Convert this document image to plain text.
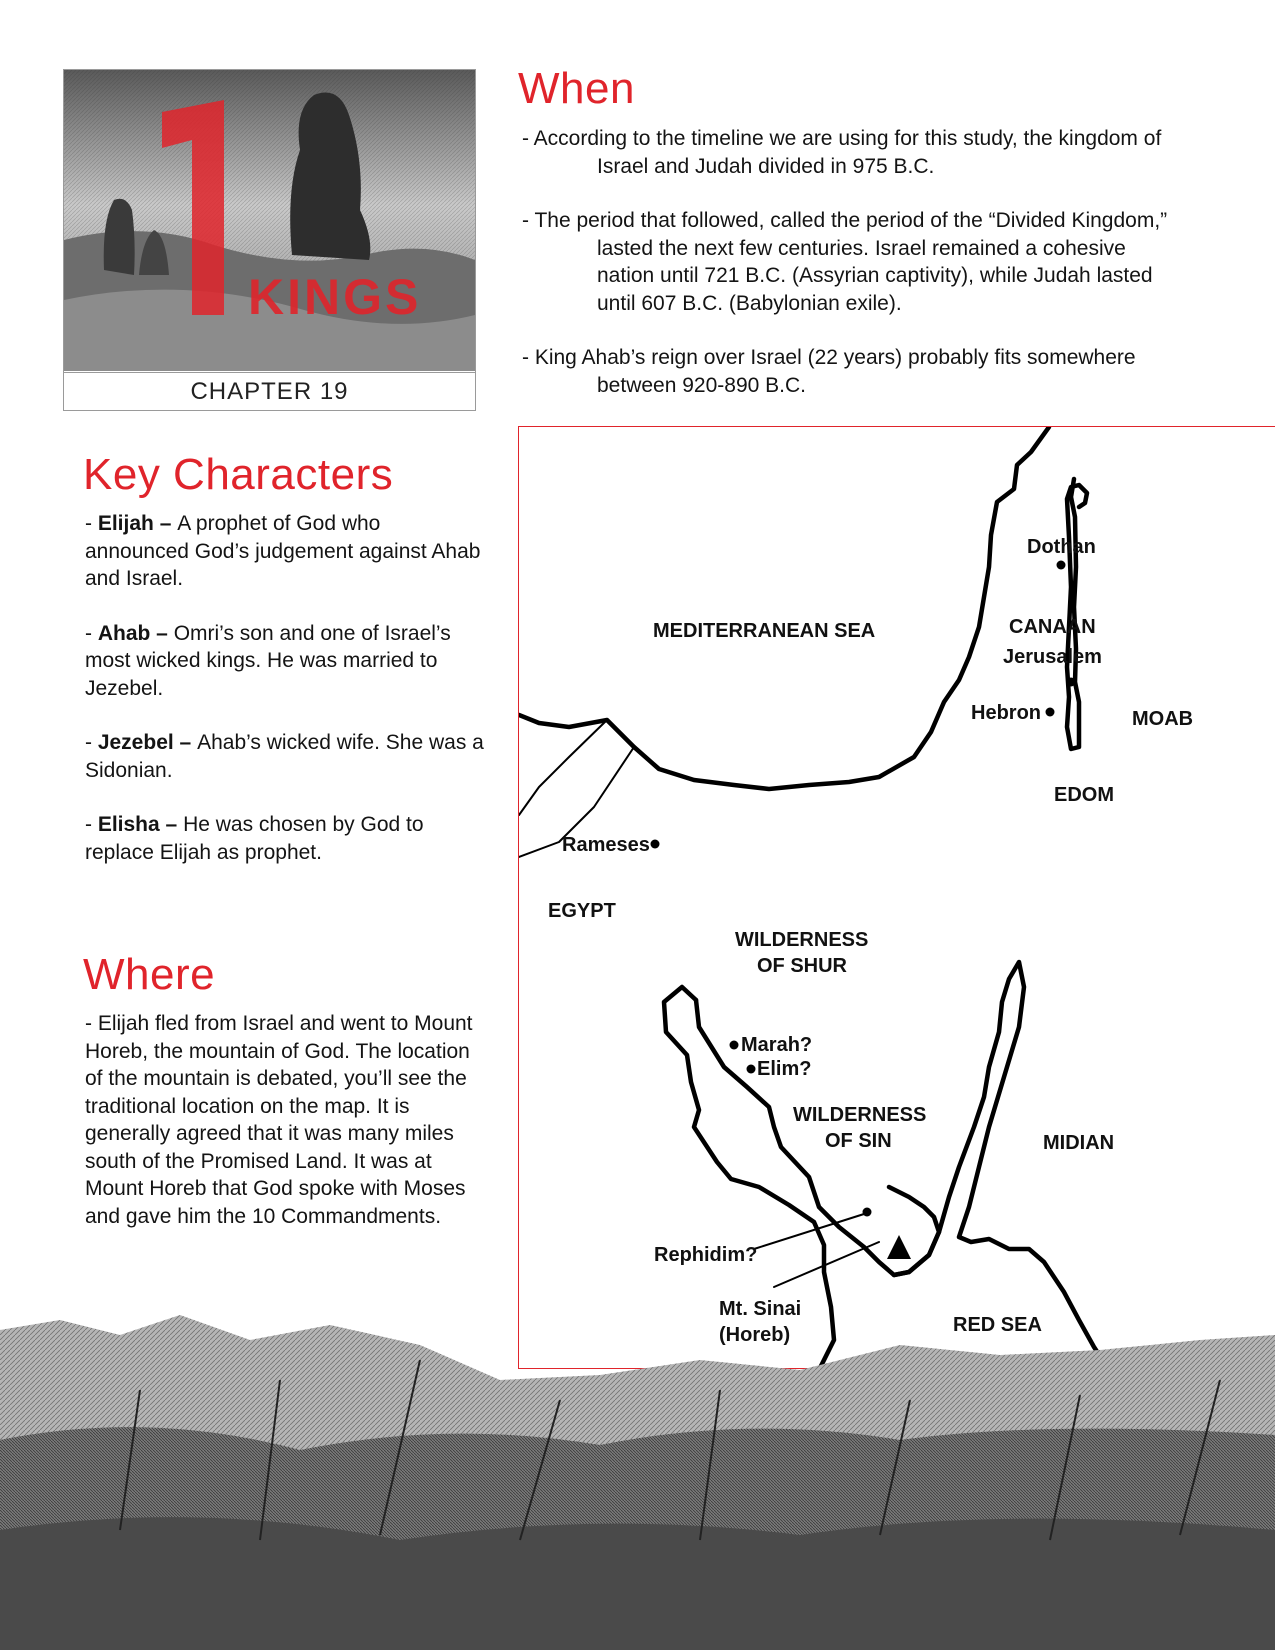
KINGS
CHAPTER 19
When
- According to the timeline we are using for this study, the kingdom of Israel and Judah divided in 975 B.C.
- The period that followed, called the period of the “Divided Kingdom,” lasted the next few centuries. Israel remained a cohesive nation until 721 B.C. (Assyrian captivity), while Judah lasted until 607 B.C. (Babylonian exile).
- King Ahab’s reign over Israel (22 years) probably fits somewhere between 920-890 B.C.
Key Characters
- Elijah – A prophet of God who announced God’s judgement against Ahab and Israel.
- Ahab – Omri’s son and one of Israel’s most wicked kings. He was married to Jezebel.
- Jezebel – Ahab’s wicked wife. She was a Sidonian.
- Elisha – He was chosen by God to replace Elijah as prophet.
Where
- Elijah fled from Israel and went to Mount Horeb, the mountain of God. The location of the mountain is debated, you’ll see the traditional location on the map. It is generally agreed that it was many miles south of the Promised Land. It was at Mount Horeb that God spoke with Moses and gave him the 10 Commandments.
MEDITERRANEAN SEA
Dothan
CANAAN
Jerusalem
Hebron	MOAB
EDOM
Rameses
EGYPT
WILDERNESS
OF SHUR
Marah?
Elim?
WILDERNESS
OF SIN	MIDIAN
Rephidim?
Mt. Sinai
(Horeb)	RED SEA
